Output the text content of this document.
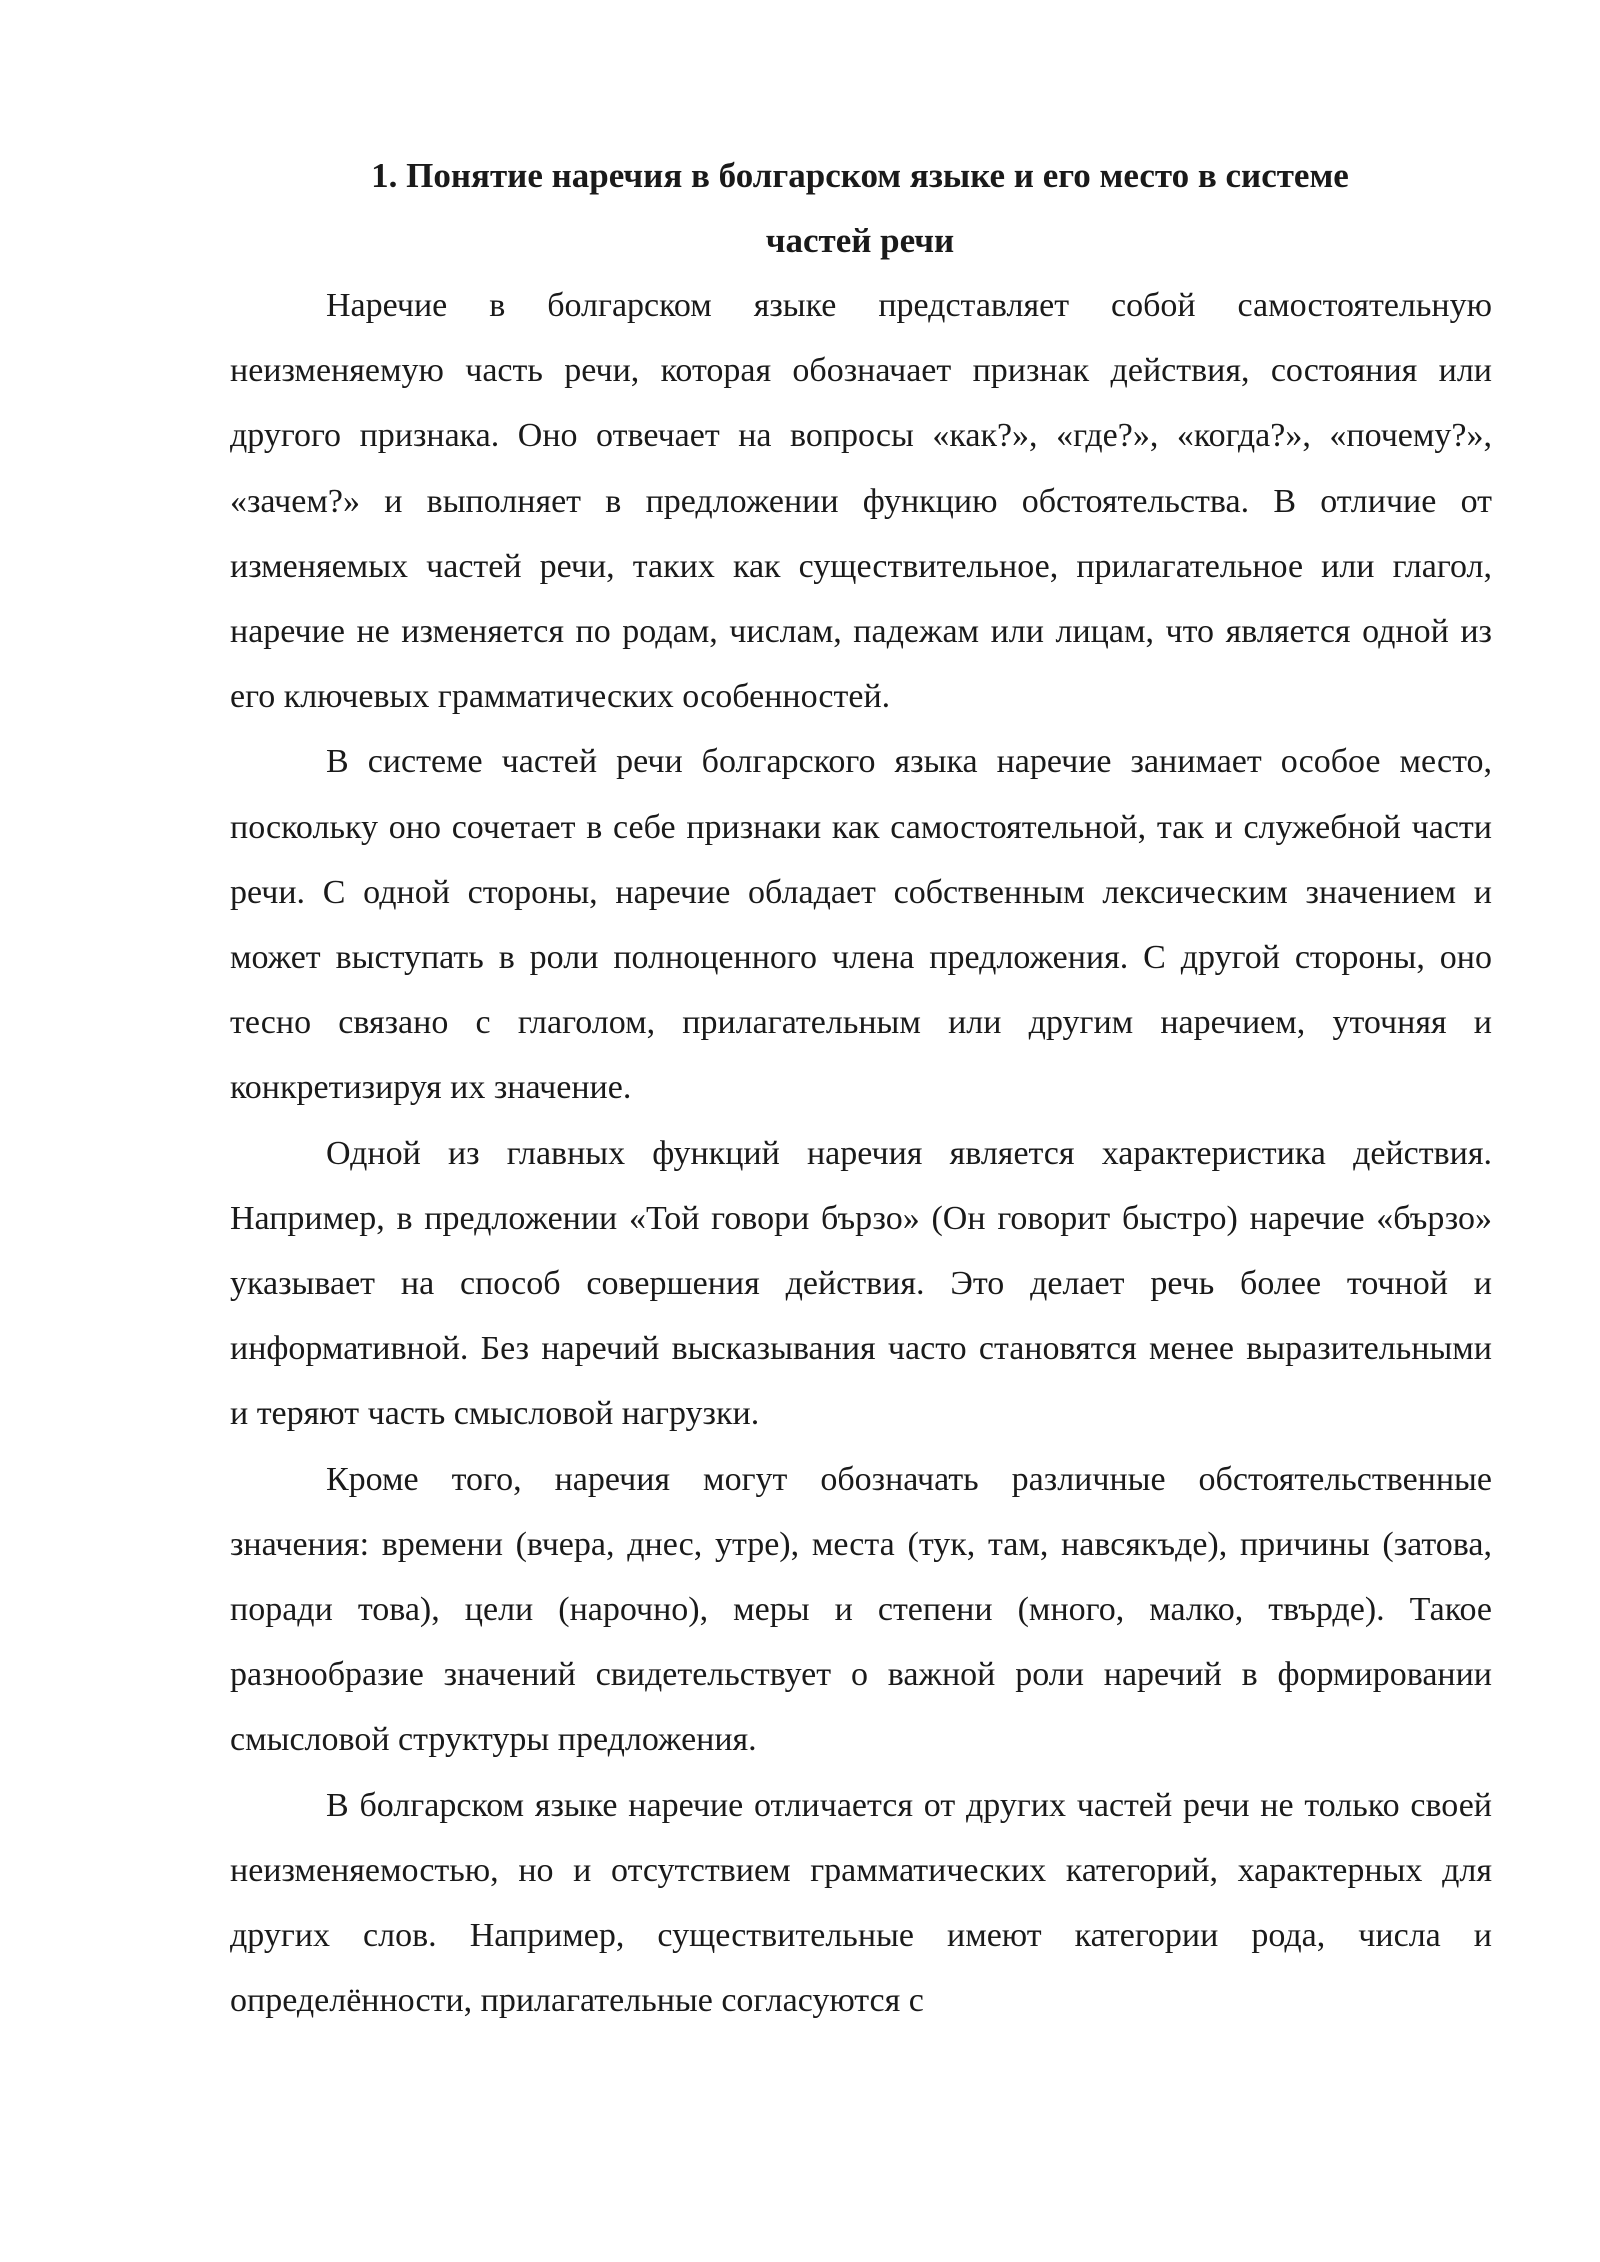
1. Понятие наречия в болгарском языке и его место в системе
частей речи

Наречие в болгарском языке представляет собой самостоятельную неизменяемую часть речи, которая обозначает признак действия, состояния или другого признака. Оно отвечает на вопросы «как?», «где?», «когда?», «почему?», «зачем?» и выполняет в предложении функцию обстоятельства. В отличие от изменяемых частей речи, таких как существительное, прилагательное или глагол, наречие не изменяется по родам, числам, падежам или лицам, что является одной из его ключевых грамматических особенностей.

В системе частей речи болгарского языка наречие занимает особое место, поскольку оно сочетает в себе признаки как самостоятельной, так и служебной части речи. С одной стороны, наречие обладает собственным лексическим значением и может выступать в роли полноценного члена предложения. С другой стороны, оно тесно связано с глаголом, прилагательным или другим наречием, уточняя и конкретизируя их значение.

Одной из главных функций наречия является характеристика действия. Например, в предложении «Той говори бързо» (Он говорит быстро) наречие «бързо» указывает на способ совершения действия. Это делает речь более точной и информативной. Без наречий высказывания часто становятся менее выразительными и теряют часть смысловой нагрузки.

Кроме того, наречия могут обозначать различные обстоятельственные значения: времени (вчера, днес, утре), места (тук, там, навсякъде), причины (затова, поради това), цели (нарочно), меры и степени (много, малко, твърде). Такое разнообразие значений свидетельствует о важной роли наречий в формировании смысловой структуры предложения.

В болгарском языке наречие отличается от других частей речи не только своей неизменяемостью, но и отсутствием грамматических категорий, характерных для других слов. Например, существительные имеют категории рода, числа и определённости, прилагательные согласуются с
